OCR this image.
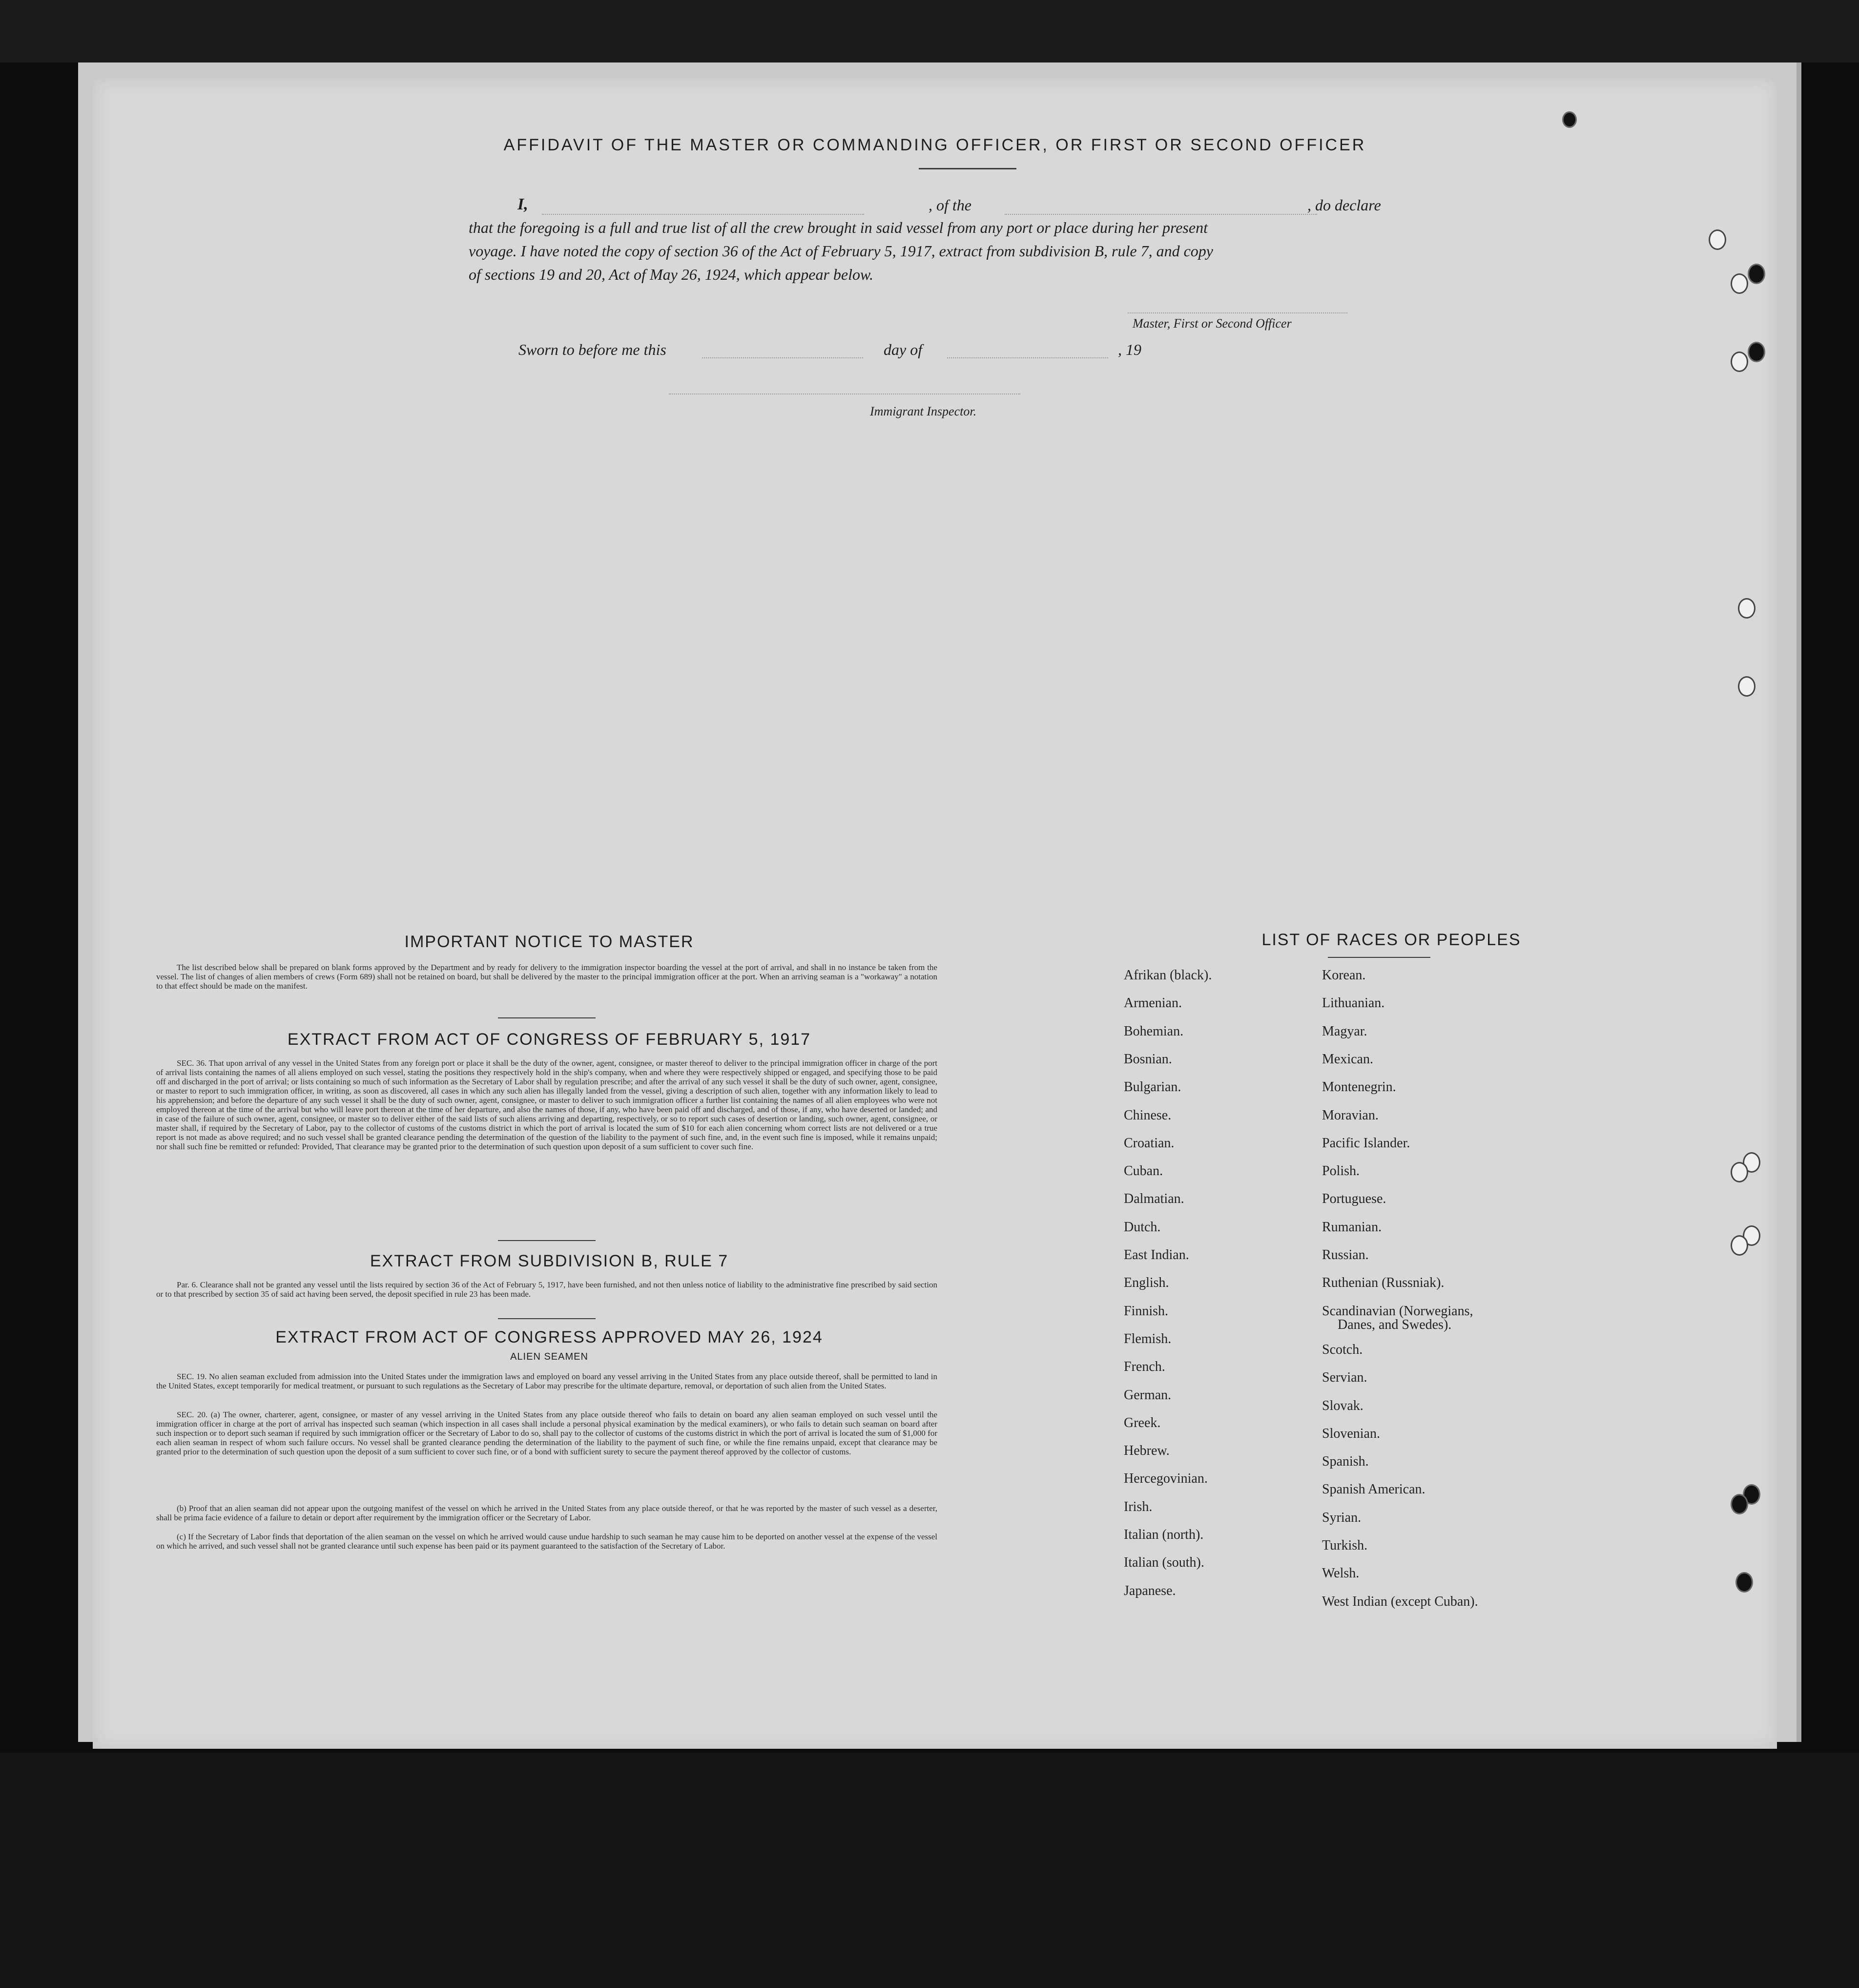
AFFIDAVIT OF THE MASTER OR COMMANDING OFFICER, OR FIRST OR SECOND OFFICER
I,	, of the	, do declare
that the foregoing is a full and true list of all the crew brought in said vessel from any port or place during her present
voyage. I have noted the copy of section 36 of the Act of February 5, 1917, extract from subdivision B, rule 7, and copy
of sections 19 and 20, Act of May 26, 1924, which appear below.
Master, First or Second Officer
Sworn to before me this	day of	, 19
Immigrant Inspector.
IMPORTANT NOTICE TO MASTER
The list described below shall be prepared on blank forms approved by the Department and by ready for delivery to the immigration inspector boarding the vessel at the port of arrival, and shall in no instance be taken from the vessel. The list of changes of alien members of crews (Form 689) shall not be retained on board, but shall be delivered by the master to the principal immigration officer at the port. When an arriving seaman is a "workaway" a notation to that effect should be made on the manifest.
EXTRACT FROM ACT OF CONGRESS OF FEBRUARY 5, 1917
SEC. 36. That upon arrival of any vessel in the United States from any foreign port or place it shall be the duty of the owner, agent, consignee, or master thereof to deliver to the principal immigration officer in charge of the port of arrival lists containing the names of all aliens employed on such vessel, stating the positions they respectively hold in the ship's company, when and where they were respectively shipped or engaged, and specifying those to be paid off and discharged in the port of arrival; or lists containing so much of such information as the Secretary of Labor shall by regulation prescribe; and after the arrival of any such vessel it shall be the duty of such owner, agent, consignee, or master to report to such immigration officer, in writing, as soon as discovered, all cases in which any such alien has illegally landed from the vessel, giving a description of such alien, together with any information likely to lead to his apprehension; and before the departure of any such vessel it shall be the duty of such owner, agent, consignee, or master to deliver to such immigration officer a further list containing the names of all alien employees who were not employed thereon at the time of the arrival but who will leave port thereon at the time of her departure, and also the names of those, if any, who have been paid off and discharged, and of those, if any, who have deserted or landed; and in case of the failure of such owner, agent, consignee, or master so to deliver either of the said lists of such aliens arriving and departing, respectively, or so to report such cases of desertion or landing, such owner, agent, consignee, or master shall, if required by the Secretary of Labor, pay to the collector of customs of the customs district in which the port of arrival is located the sum of $10 for each alien concerning whom correct lists are not delivered or a true report is not made as above required; and no such vessel shall be granted clearance pending the determination of the question of the liability to the payment of such fine, and, in the event such fine is imposed, while it remains unpaid; nor shall such fine be remitted or refunded: Provided, That clearance may be granted prior to the determination of such question upon deposit of a sum sufficient to cover such fine.
EXTRACT FROM SUBDIVISION B, RULE 7
Par. 6. Clearance shall not be granted any vessel until the lists required by section 36 of the Act of February 5, 1917, have been furnished, and not then unless notice of liability to the administrative fine prescribed by said section or to that prescribed by section 35 of said act having been served, the deposit specified in rule 23 has been made.
EXTRACT FROM ACT OF CONGRESS APPROVED MAY 26, 1924
ALIEN SEAMEN
SEC. 19. No alien seaman excluded from admission into the United States under the immigration laws and employed on board any vessel arriving in the United States from any place outside thereof, shall be permitted to land in the United States, except temporarily for medical treatment, or pursuant to such regulations as the Secretary of Labor may prescribe for the ultimate departure, removal, or deportation of such alien from the United States.
SEC. 20. (a) The owner, charterer, agent, consignee, or master of any vessel arriving in the United States from any place outside thereof who fails to detain on board any alien seaman employed on such vessel until the immigration officer in charge at the port of arrival has inspected such seaman (which inspection in all cases shall include a personal physical examination by the medical examiners), or who fails to detain such seaman on board after such inspection or to deport such seaman if required by such immigration officer or the Secretary of Labor to do so, shall pay to the collector of customs of the customs district in which the port of arrival is located the sum of $1,000 for each alien seaman in respect of whom such failure occurs. No vessel shall be granted clearance pending the determination of the liability to the payment of such fine, or while the fine remains unpaid, except that clearance may be granted prior to the determination of such question upon the deposit of a sum sufficient to cover such fine, or of a bond with sufficient surety to secure the payment thereof approved by the collector of customs.
(b) Proof that an alien seaman did not appear upon the outgoing manifest of the vessel on which he arrived in the United States from any place outside thereof, or that he was reported by the master of such vessel as a deserter, shall be prima facie evidence of a failure to detain or deport after requirement by the immigration officer or the Secretary of Labor.
(c) If the Secretary of Labor finds that deportation of the alien seaman on the vessel on which he arrived would cause undue hardship to such seaman he may cause him to be deported on another vessel at the expense of the vessel on which he arrived, and such vessel shall not be granted clearance until such expense has been paid or its payment guaranteed to the satisfaction of the Secretary of Labor.
LIST OF RACES OR PEOPLES
Afrikan (black).
Armenian.
Bohemian.
Bosnian.
Bulgarian.
Chinese.
Croatian.
Cuban.
Dalmatian.
Dutch.
East Indian.
English.
Finnish.
Flemish.
French.
German.
Greek.
Hebrew.
Hercegovinian.
Irish.
Italian (north).
Italian (south).
Japanese.
Korean.
Lithuanian.
Magyar.
Mexican.
Montenegrin.
Moravian.
Pacific Islander.
Polish.
Portuguese.
Rumanian.
Russian.
Ruthenian (Russniak).
Scandinavian (Norwegians,
Danes, and Swedes).
Scotch.
Servian.
Slovak.
Slovenian.
Spanish.
Spanish American.
Syrian.
Turkish.
Welsh.
West Indian (except Cuban).
